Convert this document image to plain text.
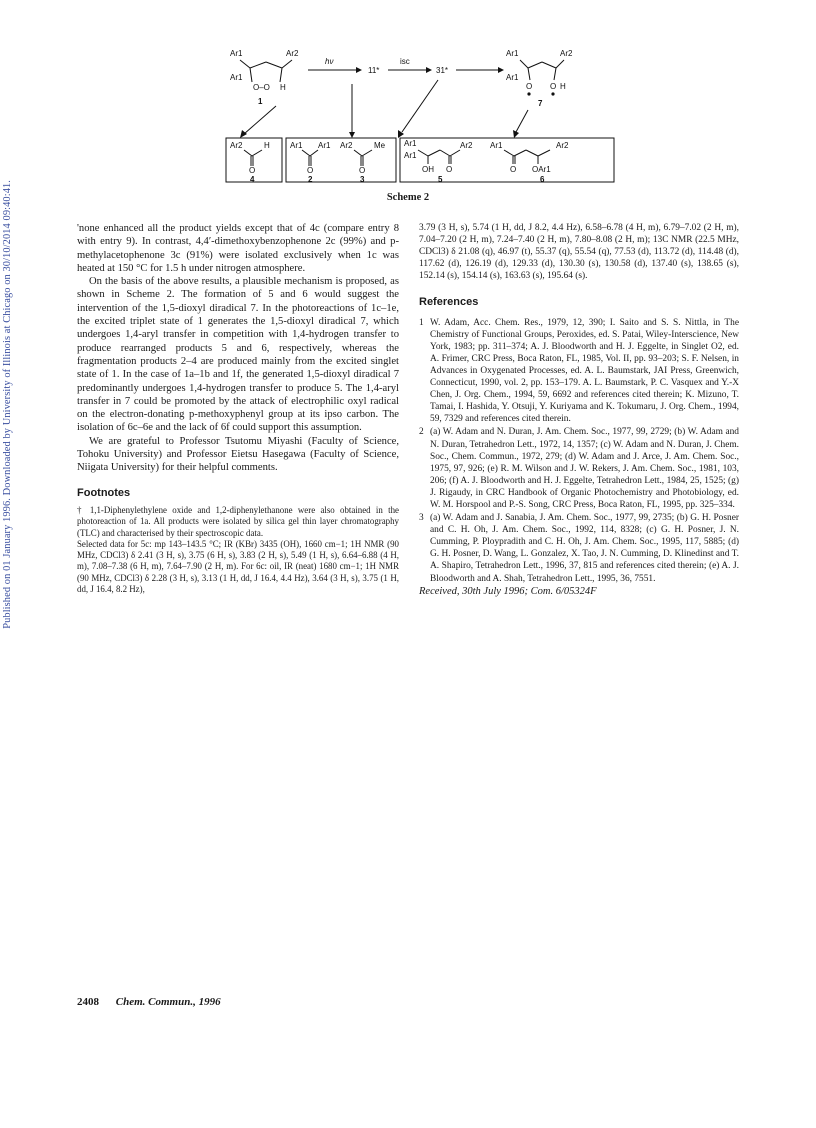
Published on 01 January 1996. Downloaded by University of Illinois at Chicago on 30/10/2014 09:40:41.
Ar1	Ar2
Ar1
O–O H
1
hν
11*
isc
31*
Ar1	Ar2
Ar1
O O H
7
Ar2	H
O
4
Ar1 Ar1
O
2
Ar2	Me
O
3
Ar1
Ar1
Ar2
OH O
5
Ar1	Ar2
O OAr1
6
Scheme 2

'none enhanced all the product yields except that of 4c (compare entry 8 with entry 9). In contrast, 4,4′-dimethoxybenzophenone 2c (99%) and p-methylacetophenone 3c (91%) were isolated exclusively when 1c was heated at 150 °C for 1.5 h under nitrogen atmosphere.

On the basis of the above results, a plausible mechanism is proposed, as shown in Scheme 2. The formation of 5 and 6 would suggest the intervention of the 1,5-dioxyl diradical 7. In the photoreactions of 1c–1e, the excited triplet state of 1 generates the 1,5-dioxyl diradical 7, which undergoes 1,4-aryl transfer in competition with 1,4-hydrogen transfer to produce rearranged products 5 and 6, respectively, whereas the fragmentation products 2–4 are produced mainly from the excited singlet state of 1. In the case of 1a–1b and 1f, the generated 1,5-dioxyl diradical 7 predominantly undergoes 1,4-hydrogen transfer to produce 5. The 1,4-aryl transfer in 7 could be promoted by the attack of electrophilic oxyl radical on the electron-donating p-methoxyphenyl group at its ipso carbon. The isolation of 6c–6e and the lack of 6f could support this assumption.

We are grateful to Professor Tsutomu Miyashi (Faculty of Science, Tohoku University) and Professor Eietsu Hasegawa (Faculty of Science, Niigata University) for their helpful comments.

Footnotes

† 1,1-Diphenylethylene oxide and 1,2-diphenylethanone were also obtained in the photoreaction of 1a. All products were isolated by silica gel thin layer chromatography (TLC) and characterised by their spectroscopic data.

Selected data for 5c: mp 143–143.5 °C; IR (KBr) 3435 (OH), 1660 cm−1; 1H NMR (90 MHz, CDCl3) δ 2.41 (3 H, s), 3.75 (6 H, s), 3.83 (2 H, s), 5.49 (1 H, s), 6.64–6.88 (4 H, m), 7.08–7.38 (6 H, m), 7.64–7.90 (2 H, m). For 6c: oil, IR (neat) 1680 cm−1; 1H NMR (90 MHz, CDCl3) δ 2.28 (3 H, s), 3.13 (1 H, dd, J 16.4, 4.4 Hz), 3.64 (3 H, s), 3.75 (1 H, dd, J 16.4, 8.2 Hz),

3.79 (3 H, s), 5.74 (1 H, dd, J 8.2, 4.4 Hz), 6.58–6.78 (4 H, m), 6.79–7.02 (2 H, m), 7.04–7.20 (2 H, m), 7.24–7.40 (2 H, m), 7.80–8.08 (2 H, m); 13C NMR (22.5 MHz, CDCl3) δ 21.08 (q), 46.97 (t), 55.37 (q), 55.54 (q), 77.53 (d), 113.72 (d), 114.48 (d), 117.62 (d), 126.19 (d), 129.33 (d), 130.30 (s), 130.58 (d), 137.40 (s), 138.65 (s), 152.14 (s), 154.14 (s), 163.63 (s), 195.64 (s).

References
1 W. Adam, Acc. Chem. Res., 1979, 12, 390; I. Saito and S. S. Nittla, in The Chemistry of Functional Groups, Peroxides, ed. S. Patai, Wiley-Interscience, New York, 1983; pp. 311–374; A. J. Bloodworth and H. J. Eggelte, in Singlet O2, ed. A. Frimer, CRC Press, Boca Raton, FL, 1985, Vol. II, pp. 93–203; S. F. Nelsen, in Advances in Oxygenated Processes, ed. A. L. Baumstark, JAI Press, Greenwich, Connecticut, 1990, vol. 2, pp. 153–179. A. L. Baumstark, P. C. Vasquex and Y.-X Chen, J. Org. Chem., 1994, 59, 6692 and references cited therein; K. Mizuno, T. Tamai, I. Hashida, Y. Otsuji, Y. Kuriyama and K. Tokumaru, J. Org. Chem., 1994, 59, 7329 and references cited therein.
2 (a) W. Adam and N. Duran, J. Am. Chem. Soc., 1977, 99, 2729; (b) W. Adam and N. Duran, Tetrahedron Lett., 1972, 14, 1357; (c) W. Adam and N. Duran, J. Chem. Soc., Chem. Commun., 1972, 279; (d) W. Adam and J. Arce, J. Am. Chem. Soc., 1975, 97, 926; (e) R. M. Wilson and J. W. Rekers, J. Am. Chem. Soc., 1981, 103, 206; (f) A. J. Bloodworth and H. J. Eggelte, Tetrahedron Lett., 1984, 25, 1525; (g) J. Rigaudy, in CRC Handbook of Organic Photochemistry and Photobiology, ed. W. M. Horspool and P.-S. Song, CRC Press, Boca Raton, FL, 1995, pp. 325–334.
3 (a) W. Adam and J. Sanabia, J. Am. Chem. Soc., 1977, 99, 2735; (b) G. H. Posner and C. H. Oh, J. Am. Chem. Soc., 1992, 114, 8328; (c) G. H. Posner, J. N. Cumming, P. Ploypradith and C. H. Oh, J. Am. Chem. Soc., 1995, 117, 5885; (d) G. H. Posner, D. Wang, L. Gonzalez, X. Tao, J. N. Cumming, D. Klinedinst and T. A. Shapiro, Tetrahedron Lett., 1996, 37, 815 and references cited therein; (e) A. J. Bloodworth and A. Shah, Tetrahedron Lett., 1995, 36, 7551.

Received, 30th July 1996; Com. 6/05324F

2408 Chem. Commun., 1996
